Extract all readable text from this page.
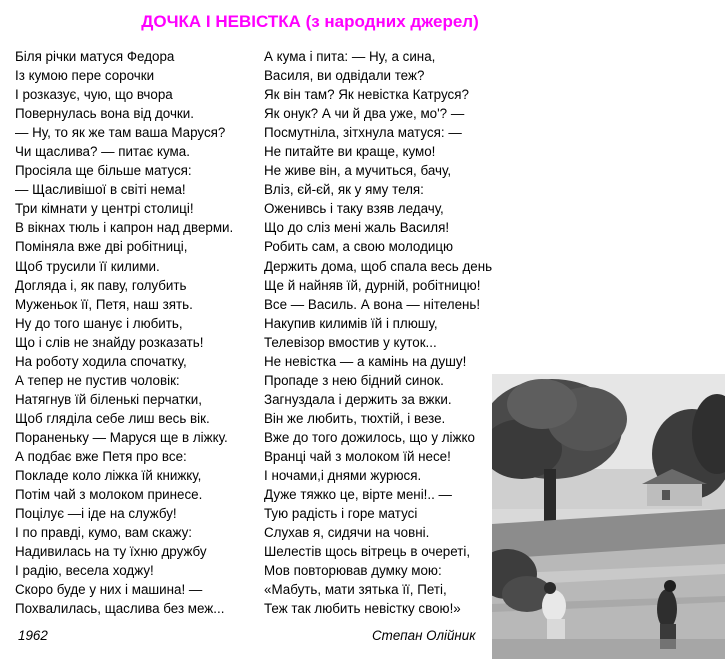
ДОЧКА І НЕВІСТКА (з народних джерел)
Біля річки матуся Федора
Із кумою пере сорочки
І розказує, чую, що вчора
Повернулась вона від дочки.
— Ну, то як же там ваша Маруся?
Чи щаслива? — питає кума.
Просіяла ще більше матуся:
— Щасливішої в світі нема!
Три кімнати у центрі столиці!
В вікнах тюль і капрон над дверми.
Поміняла вже дві робітниці,
Щоб трусили її килими.
Догляда і, як паву, голубить
Муженьок її, Петя, наш зять.
Ну до того шанує і любить,
Що і слів не знайду розказать!
На роботу ходила спочатку,
А тепер не пустив чоловік:
Натягнув їй біленькі перчатки,
Щоб гляділа себе лиш весь вік.
Пораненьку — Маруся ще в ліжку.
А подбає вже Петя про все:
Покладе коло ліжка їй книжку,
Потім чай з молоком принесе.
Поцілує —і іде на службу!
І по правді, кумо, вам скажу:
Надивилась на ту їхню дружбу
І радію, весела ходжу!
Скоро буде у них і машина! —
Похвалилась, щаслива без меж...
А кума і пита: — Ну, а сина,
Василя, ви одвідали теж?
Як він там? Як невістка Катруся?
Як онук? А чи й два уже, мо'? —
Посмутніла, зітхнула матуся: —
Не питайте ви краще, кумо!
Не живе він, а мучиться, бачу,
Вліз, єй-єй, як у яму теля:
Оженивсь і таку взяв ледачу,
Що до сліз мені жаль Василя!
Робить сам, а свою молодицю
Держить дома, щоб спала весь день
Ще й найняв їй, дурній, робітницю!
Все — Василь. А вона — нітелень!
Накупив килимів їй і плюшу,
Телевізор вмостив у куток...
Не невістка — а камінь на душу!
Пропаде з нею бідний синок.
Загнуздала і держить за вжки.
Він же любить, тюхтій, і везе.
Вже до того дожилось, що у ліжко
Вранці чай з молоком їй несе!
І ночами,і днями журюся.
Дуже тяжко це, вірте мені!.. —
Тую радість і горе матусі
Слухав я, сидячи на човні.
Шелестів щось вітрець в очереті,
Мов повторював думку мою:
«Мабуть, мати зятька її, Петі,
Теж так любить невістку свою!»
1962	Степан Олійник
